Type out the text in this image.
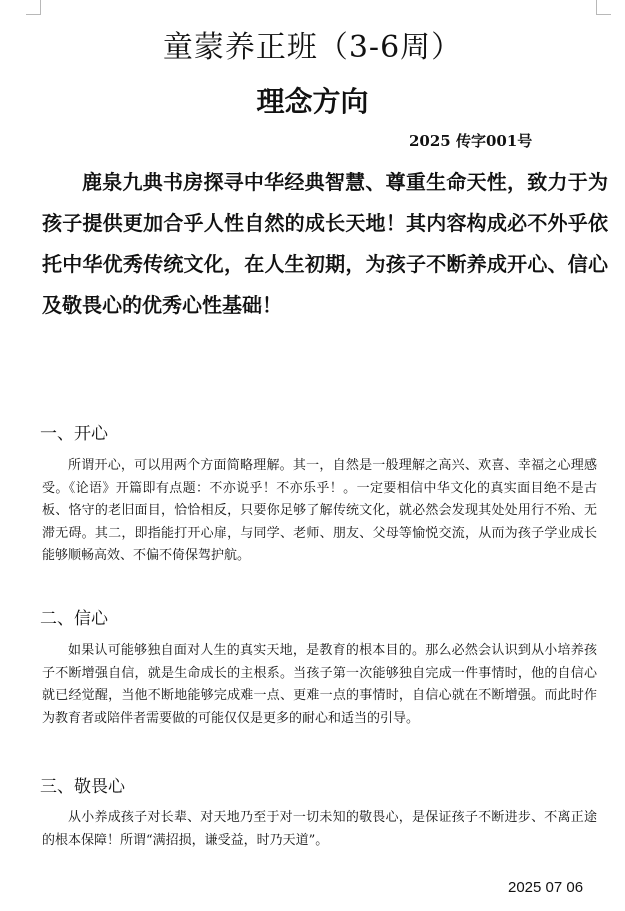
童蒙养正班（3-6周）
理念方向

2025 传字001号

鹿泉九典书房探寻中华经典智慧、尊重生命天性，致力于为孩子提供更加合乎人性自然的成长天地！其内容构成必不外乎依托中华优秀传统文化，在人生初期，为孩子不断养成开心、信心及敬畏心的优秀心性基础！

一、开心

所谓开心，可以用两个方面简略理解。其一，自然是一般理解之高兴、欢喜、幸福之心理感受。《论语》开篇即有点题：不亦说乎！不亦乐乎！。一定要相信中华文化的真实面目绝不是古板、恪守的老旧面目，恰恰相反，只要你足够了解传统文化，就必然会发现其处处用行不殆、无滞无碍。其二，即指能打开心扉，与同学、老师、朋友、父母等愉悦交流，从而为孩子学业成长能够顺畅高效、不偏不倚保驾护航。

二、信心

如果认可能够独自面对人生的真实天地，是教育的根本目的。那么必然会认识到从小培养孩子不断增强自信，就是生命成长的主根系。当孩子第一次能够独自完成一件事情时，他的自信心就已经觉醒，当他不断地能够完成难一点、更难一点的事情时，自信心就在不断增强。而此时作为教育者或陪伴者需要做的可能仅仅是更多的耐心和适当的引导。

三、敬畏心

从小养成孩子对长辈、对天地乃至于对一切未知的敬畏心，是保证孩子不断进步、不离正途的根本保障！所谓“满招损，谦受益，时乃天道”。

2025 07 06
